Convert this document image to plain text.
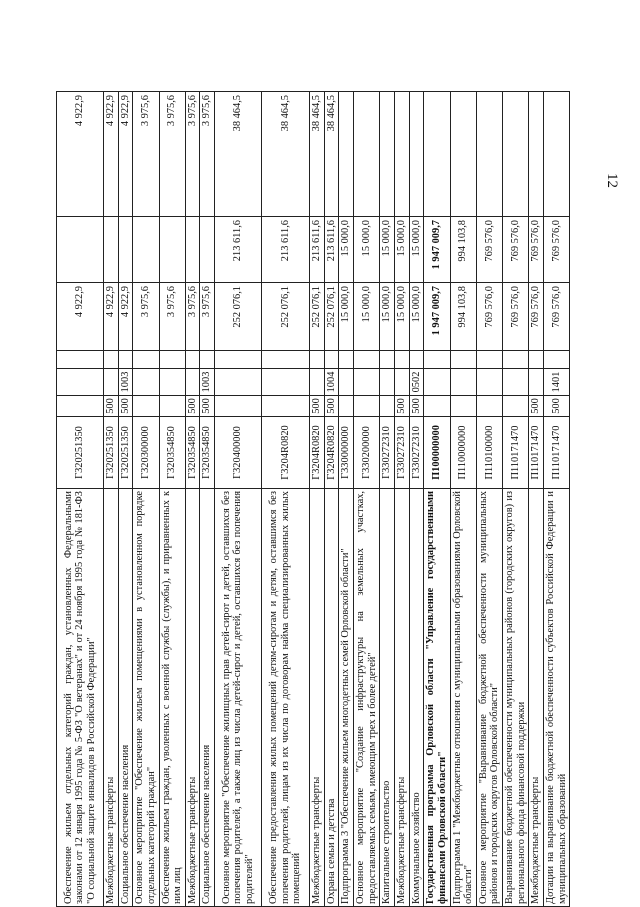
12
Обеспечение жильем отдельных категорий граждан, установленных Федеральными законами от 12 января 1995 года № 5-ФЗ "О ветеранах" и от 24 ноября 1995 года № 181-ФЗ "О социальной защите инвалидов в Российской Федерации"	Г320251350				4 922,9		4 922,9
Межбюджетные трансферты	Г320251350	500			4 922,9		4 922,9
Социальное обеспечение населения	Г320251350	500	1003		4 922,9		4 922,9
Основное мероприятие "Обеспечение жильем помещениями в установленном порядке отдельных категорий граждан"	Г320300000				3 975,6		3 975,6
Обеспечение жильем граждан, уволенных с военной службы (службы), и приравненных к ним лиц	Г320354850				3 975,6		3 975,6
Межбюджетные трансферты	Г320354850	500			3 975,6		3 975,6
Социальное обеспечение населения	Г320354850	500	1003		3 975,6		3 975,6
Основное мероприятие "Обеспечение жилищных прав детей-сирот и детей, оставшихся без попечения родителей, а также лиц из числа детей-сирот и детей, оставшихся без попечения родителей"	Г320400000				252 076,1	213 611,6	38 464,5
Обеспечение предоставления жилых помещений детям-сиротам и детям, оставшимся без попечения родителей, лицам из их числа по договорам найма специализированных жилых помещений	Г3204R0820				252 076,1	213 611,6	38 464,5
Межбюджетные трансферты	Г3204R0820	500			252 076,1	213 611,6	38 464,5
Охрана семьи и детства	Г3204R0820	500	1004		252 076,1	213 611,6	38 464,5
Подпрограмма 3 "Обеспечение жильем многодетных семей Орловской области"	Г330000000				15 000,0	15 000,0	
Основное мероприятие "Создание инфраструктуры на земельных участках, предоставляемых семьям, имеющим трех и более детей"	Г330200000				15 000,0	15 000,0	
Капитальное строительство	Г330272310				15 000,0	15 000,0	
Межбюджетные трансферты	Г330272310	500			15 000,0	15 000,0	
Коммунальное хозяйство	Г330272310	500	0502		15 000,0	15 000,0	
Государственная программа Орловской области "Управление государственными финансами Орловской области"	П100000000				1 947 009,7	1 947 009,7	
Подпрограмма 1 "Межбюджетные отношения с муниципальными образованиями Орловской области"	П110000000				994 103,8	994 103,8	
Основное мероприятие "Выравнивание бюджетной обеспеченности муниципальных районов и городских округов Орловской области"	П110100000				769 576,0	769 576,0	
Выравнивание бюджетной обеспеченности муниципальных районов (городских округов) из регионального фонда финансовой поддержки	П110171470				769 576,0	769 576,0	
Межбюджетные трансферты	П110171470	500			769 576,0	769 576,0	
Дотации на выравнивание бюджетной обеспеченности субъектов Российской Федерации и муниципальных образований	П110171470	500	1401		769 576,0	769 576,0	
